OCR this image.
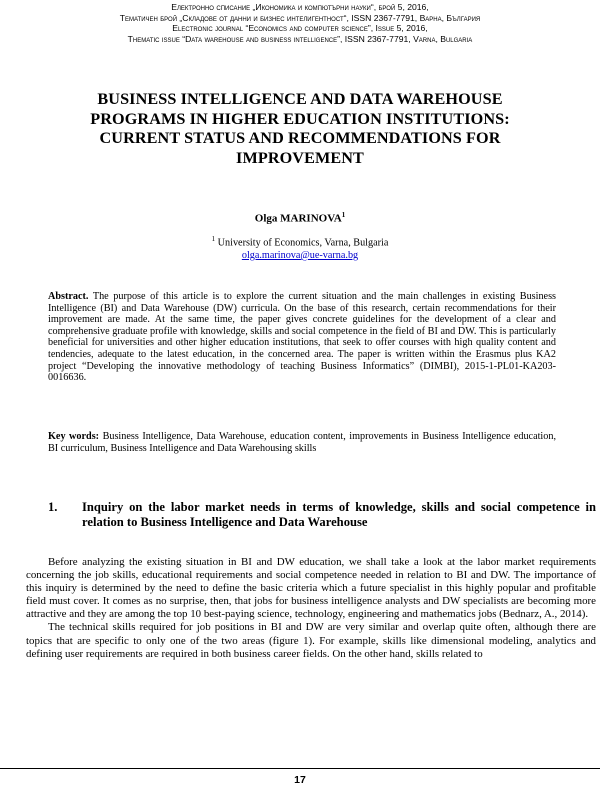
Електронно списание „Икономика и компютърни науки“, брой 5, 2016,
Тематичен брой „Складове от данни и бизнес интелигентност“, ISSN 2367-7791, Варна, България
Electronic journal “Economics and computer science”, Issue 5, 2016,
Thematic issue “Data warehouse and business intelligence”, ISSN 2367-7791, Varna, Bulgaria
BUSINESS INTELLIGENCE AND DATA WAREHOUSE
PROGRAMS IN HIGHER EDUCATION INSTITUTIONS:
CURRENT STATUS AND RECOMMENDATIONS FOR
IMPROVEMENT
Olga MARINOVA$^1$
$^1$ University of Economics, Varna, Bulgaria
olga.marinova@ue-varna.bg
Abstract. The purpose of this article is to explore the current situation and the main challenges in existing Business Intelligence (BI) and Data Warehouse (DW) curricula. On the base of this research, certain recommendations for their improvement are made. At the same time, the paper gives concrete guidelines for the development of a clear and comprehensive graduate profile with knowledge, skills and social competence in the field of BI and DW. This is particularly beneficial for universities and other higher education institutions, that seek to offer courses with high quality content and tendencies, adequate to the latest education, in the concerned area. The paper is written within the Erasmus plus KA2 project “Developing the innovative methodology of teaching Business Informatics” (DIMBI), 2015-1-PL01-KA203-0016636.
Key words: Business Intelligence, Data Warehouse, education content, improvements in Business Intelligence education, BI curriculum, Business Intelligence and Data Warehousing skills
1. Inquiry on the labor market needs in terms of knowledge, skills and social competence in relation to Business Intelligence and Data Warehouse

Before analyzing the existing situation in BI and DW education, we shall take a look at the labor market requirements concerning the job skills, educational requirements and social competence needed in relation to BI and DW. The importance of this inquiry is determined by the need to define the basic criteria which a future specialist in this highly popular and profitable field must cover. It comes as no surprise, then, that jobs for business intelligence analysts and DW specialists are becoming more attractive and they are among the top 10 best-paying science, technology, engineering and mathematics jobs (Bednarz, A., 2014).

The technical skills required for job positions in BI and DW are very similar and overlap quite often, although there are topics that are specific to only one of the two areas (figure 1). For example, skills like dimensional modeling, analytics and defining user requirements are required in both business career fields. On the other hand, skills related to

17
